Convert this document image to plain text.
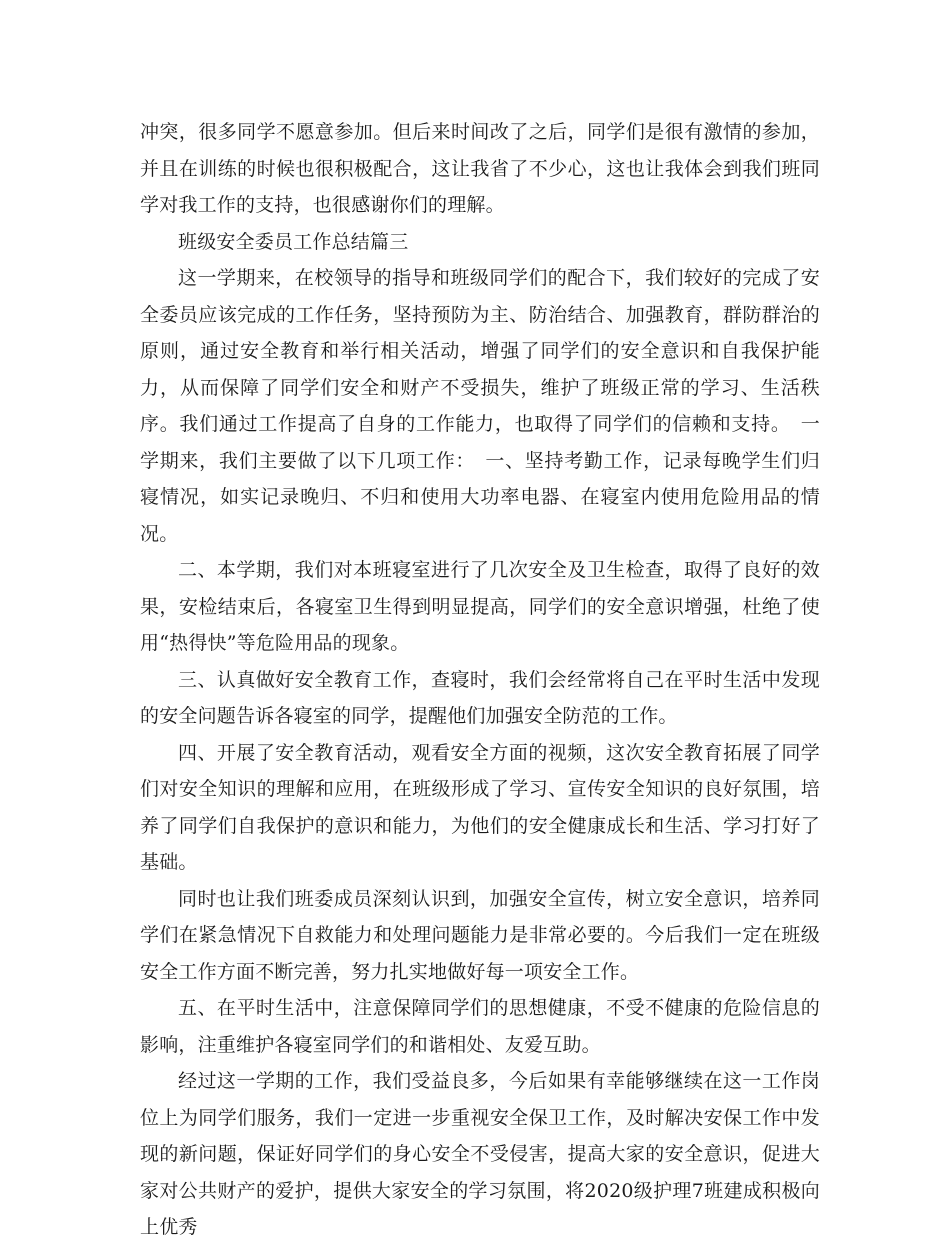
冲突，很多同学不愿意参加。但后来时间改了之后，同学们是很有激情的参加，并且在训练的时候也很积极配合，这让我省了不少心，这也让我体会到我们班同学对我工作的支持，也很感谢你们的理解。

班级安全委员工作总结篇三

这一学期来，在校领导的指导和班级同学们的配合下，我们较好的完成了安全委员应该完成的工作任务，坚持预防为主、防治结合、加强教育，群防群治的原则，通过安全教育和举行相关活动，增强了同学们的安全意识和自我保护能力，从而保障了同学们安全和财产不受损失，维护了班级正常的学习、生活秩序。我们通过工作提高了自身的工作能力，也取得了同学们的信赖和支持。　一学期来，我们主要做了以下几项工作：　一、坚持考勤工作，记录每晚学生们归寝情况，如实记录晚归、不归和使用大功率电器、在寝室内使用危险用品的情况。

二、本学期，我们对本班寝室进行了几次安全及卫生检查，取得了良好的效果，安检结束后，各寝室卫生得到明显提高，同学们的安全意识增强，杜绝了使用“热得快”等危险用品的现象。

三、认真做好安全教育工作，查寝时，我们会经常将自己在平时生活中发现的安全问题告诉各寝室的同学，提醒他们加强安全防范的工作。

四、开展了安全教育活动，观看安全方面的视频，这次安全教育拓展了同学们对安全知识的理解和应用，在班级形成了学习、宣传安全知识的良好氛围，培养了同学们自我保护的意识和能力，为他们的安全健康成长和生活、学习打好了基础。

同时也让我们班委成员深刻认识到，加强安全宣传，树立安全意识，培养同学们在紧急情况下自救能力和处理问题能力是非常必要的。今后我们一定在班级安全工作方面不断完善，努力扎实地做好每一项安全工作。

五、在平时生活中，注意保障同学们的思想健康，不受不健康的危险信息的影响，注重维护各寝室同学们的和谐相处、友爱互助。

经过这一学期的工作，我们受益良多，今后如果有幸能够继续在这一工作岗位上为同学们服务，我们一定进一步重视安全保卫工作，及时解决安保工作中发现的新问题，保证好同学们的身心安全不受侵害，提高大家的安全意识，促进大家对公共财产的爱护，提供大家安全的学习氛围，将2020级护理7班建成积极向上优秀
